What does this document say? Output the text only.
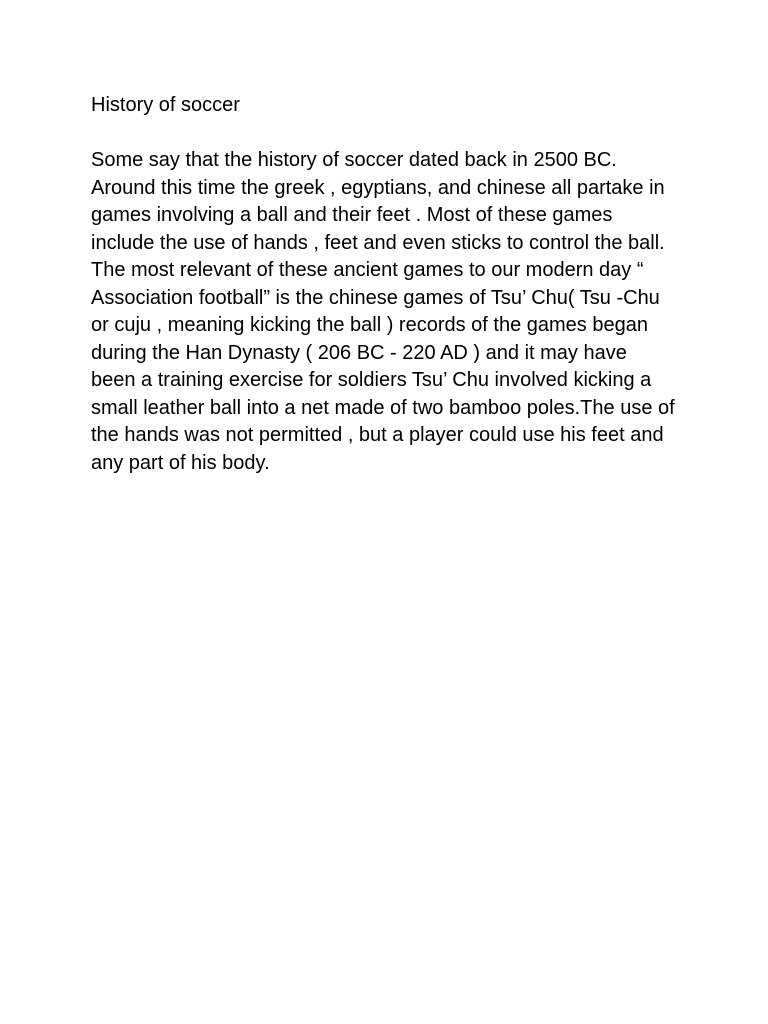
History of soccer
Some say that the history of soccer dated back in 2500 BC.
Around this time the greek , egyptians, and chinese all partake in
games involving a ball and their feet . Most of these games
include the use of hands , feet and even sticks to control the ball.
The most relevant of these ancient games to our modern day “
Association football” is the chinese games of Tsu’ Chu( Tsu -Chu
or cuju , meaning kicking the ball ) records of the games began
during the Han Dynasty ( 206 BC - 220 AD ) and it may have
been a training exercise for soldiers Tsu’ Chu involved kicking a
small leather ball into a net made of two bamboo poles.The use of
the hands was not permitted , but a player could use his feet and
any part of his body.
